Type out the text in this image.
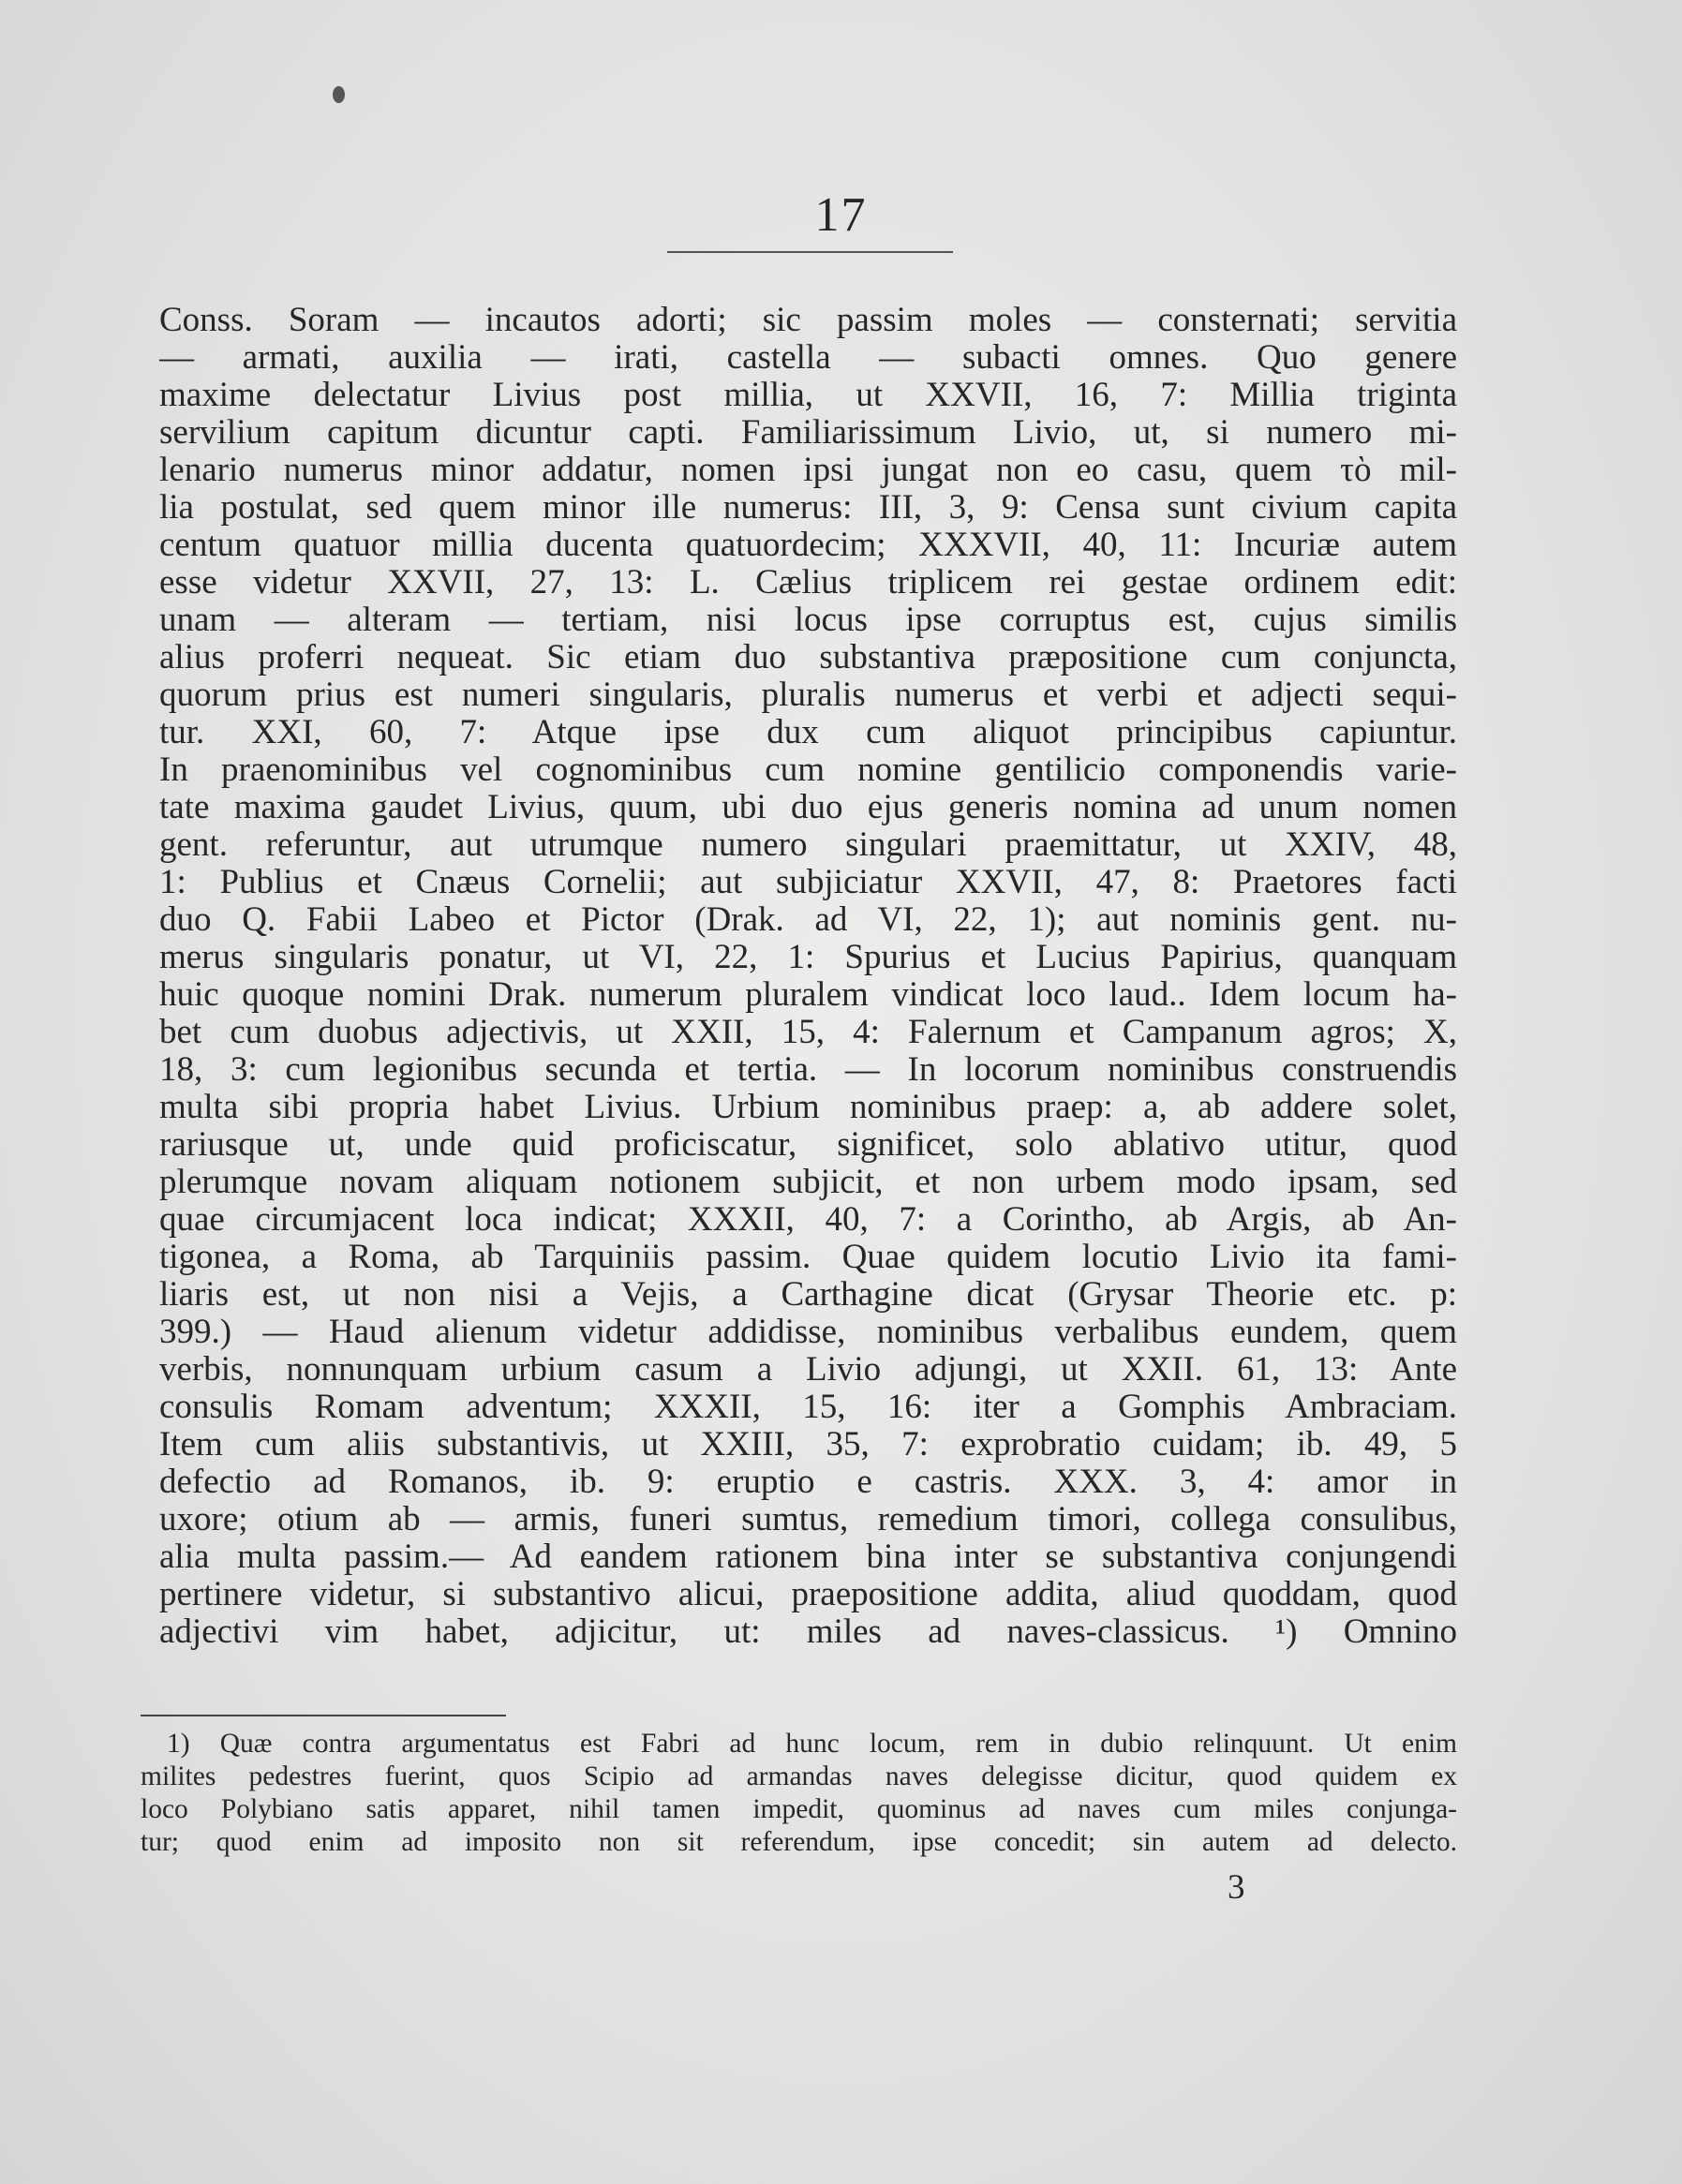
17
Conss. Soram — incautos adorti; sic passim moles — consternati; servitia
— armati, auxilia — irati, castella — subacti omnes. Quo genere
maxime delectatur Livius post millia, ut XXVII, 16, 7: Millia triginta
servilium capitum dicuntur capti. Familiarissimum Livio, ut, si numero mi-
lenario numerus minor addatur, nomen ipsi jungat non eo casu, quem τὸ mil-
lia postulat, sed quem minor ille numerus: III, 3, 9: Censa sunt civium capita
centum quatuor millia ducenta quatuordecim; XXXVII, 40, 11: Incuriæ autem
esse videtur XXVII, 27, 13: L. Cælius triplicem rei gestae ordinem edit:
unam — alteram — tertiam, nisi locus ipse corruptus est, cujus similis
alius proferri nequeat. Sic etiam duo substantiva præpositione cum conjuncta,
quorum prius est numeri singularis, pluralis numerus et verbi et adjecti sequi-
tur. XXI, 60, 7: Atque ipse dux cum aliquot principibus capiuntur.
In praenominibus vel cognominibus cum nomine gentilicio componendis varie-
tate maxima gaudet Livius, quum, ubi duo ejus generis nomina ad unum nomen
gent. referuntur, aut utrumque numero singulari praemittatur, ut XXIV, 48,
1: Publius et Cnæus Cornelii; aut subjiciatur XXVII, 47, 8: Praetores facti
duo Q. Fabii Labeo et Pictor (Drak. ad VI, 22, 1); aut nominis gent. nu-
merus singularis ponatur, ut VI, 22, 1: Spurius et Lucius Papirius, quanquam
huic quoque nomini Drak. numerum pluralem vindicat loco laud.. Idem locum ha-
bet cum duobus adjectivis, ut XXII, 15, 4: Falernum et Campanum agros; X,
18, 3: cum legionibus secunda et tertia. — In locorum nominibus construendis
multa sibi propria habet Livius. Urbium nominibus praep: a, ab addere solet,
rariusque ut, unde quid proficiscatur, significet, solo ablativo utitur, quod
plerumque novam aliquam notionem subjicit, et non urbem modo ipsam, sed
quae circumjacent loca indicat; XXXII, 40, 7: a Corintho, ab Argis, ab An-
tigonea, a Roma, ab Tarquiniis passim. Quae quidem locutio Livio ita fami-
liaris est, ut non nisi a Vejis, a Carthagine dicat (Grysar Theorie etc. p:
399.) — Haud alienum videtur addidisse, nominibus verbalibus eundem, quem
verbis, nonnunquam urbium casum a Livio adjungi, ut XXII. 61, 13: Ante
consulis Romam adventum; XXXII, 15, 16: iter a Gomphis Ambraciam.
Item cum aliis substantivis, ut XXIII, 35, 7: exprobratio cuidam; ib. 49, 5
defectio ad Romanos, ib. 9: eruptio e castris. XXX. 3, 4: amor in
uxore; otium ab — armis, funeri sumtus, remedium timori, collega consulibus,
alia multa passim.— Ad eandem rationem bina inter se substantiva conjungendi
pertinere videtur, si substantivo alicui, praepositione addita, aliud quoddam, quod
adjectivi vim habet, adjicitur, ut: miles ad naves-classicus. ¹) Omnino
1) Quæ contra argumentatus est Fabri ad hunc locum, rem in dubio relinquunt. Ut enim
milites pedestres fuerint, quos Scipio ad armandas naves delegisse dicitur, quod quidem ex
loco Polybiano satis apparet, nihil tamen impedit, quominus ad naves cum miles conjunga-
tur; quod enim ad imposito non sit referendum, ipse concedit; sin autem ad delecto.
3
